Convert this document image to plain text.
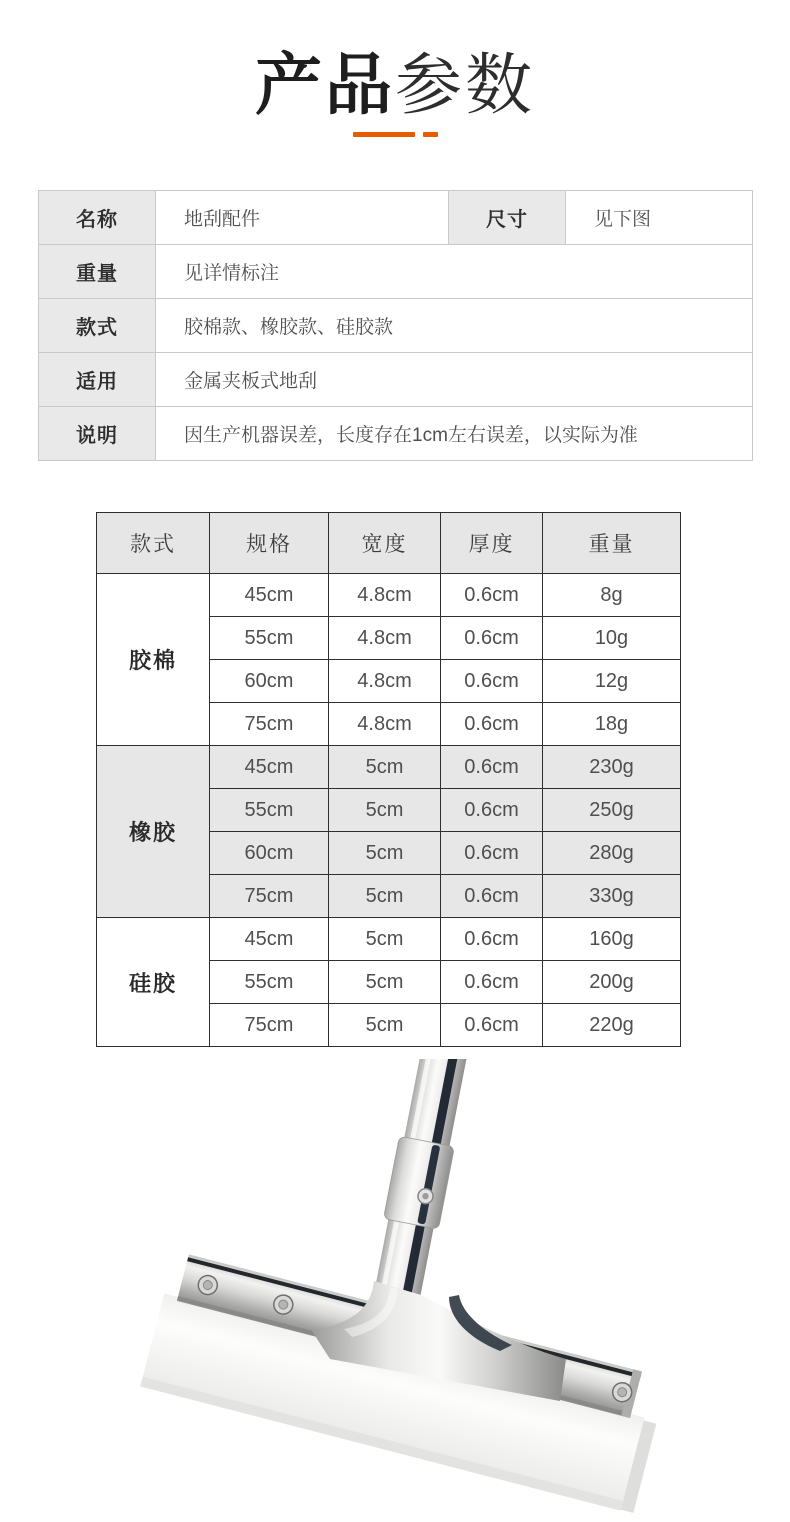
产品参数
名称	地刮配件	尺寸	见下图
重量	见详情标注		
款式	胶棉款、橡胶款、硅胶款		
适用	金属夹板式地刮		
说明	因生产机器误差，长度存在1cm左右误差，以实际为准		
款式	规格	宽度	厚度	重量
胶棉	45cm	4.8cm	0.6cm	8g
	55cm	4.8cm	0.6cm	10g
	60cm	4.8cm	0.6cm	12g
	75cm	4.8cm	0.6cm	18g
橡胶	45cm	5cm	0.6cm	230g
	55cm	5cm	0.6cm	250g
	60cm	5cm	0.6cm	280g
	75cm	5cm	0.6cm	330g
硅胶	45cm	5cm	0.6cm	160g
	55cm	5cm	0.6cm	200g
	75cm	5cm	0.6cm	220g
